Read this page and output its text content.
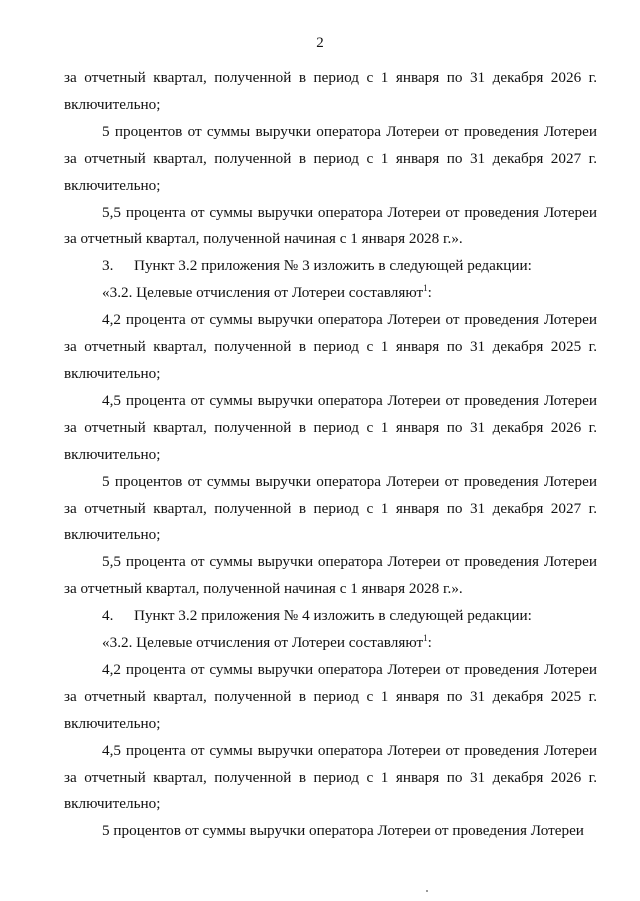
2

за отчетный квартал, полученной в период с 1 января по 31 декабря 2026 г. включительно;

5 процентов от суммы выручки оператора Лотереи от проведения Лотереи за отчетный квартал, полученной в период с 1 января по 31 декабря 2027 г. включительно;

5,5 процента от суммы выручки оператора Лотереи от проведения Лотереи за отчетный квартал, полученной начиная с 1 января 2028 г.».

3. Пункт 3.2 приложения № 3 изложить в следующей редакции:

«3.2. Целевые отчисления от Лотереи составляют$^1$:

4,2 процента от суммы выручки оператора Лотереи от проведения Лотереи за отчетный квартал, полученной в период с 1 января по 31 декабря 2025 г. включительно;

4,5 процента от суммы выручки оператора Лотереи от проведения Лотереи за отчетный квартал, полученной в период с 1 января по 31 декабря 2026 г. включительно;

5 процентов от суммы выручки оператора Лотереи от проведения Лотереи за отчетный квартал, полученной в период с 1 января по 31 декабря 2027 г. включительно;

5,5 процента от суммы выручки оператора Лотереи от проведения Лотереи за отчетный квартал, полученной начиная с 1 января 2028 г.».

4. Пункт 3.2 приложения № 4 изложить в следующей редакции:

«3.2. Целевые отчисления от Лотереи составляют$^1$:

4,2 процента от суммы выручки оператора Лотереи от проведения Лотереи за отчетный квартал, полученной в период с 1 января по 31 декабря 2025 г. включительно;

4,5 процента от суммы выручки оператора Лотереи от проведения Лотереи за отчетный квартал, полученной в период с 1 января по 31 декабря 2026 г. включительно;

5 процентов от суммы выручки оператора Лотереи от проведения Лотереи
